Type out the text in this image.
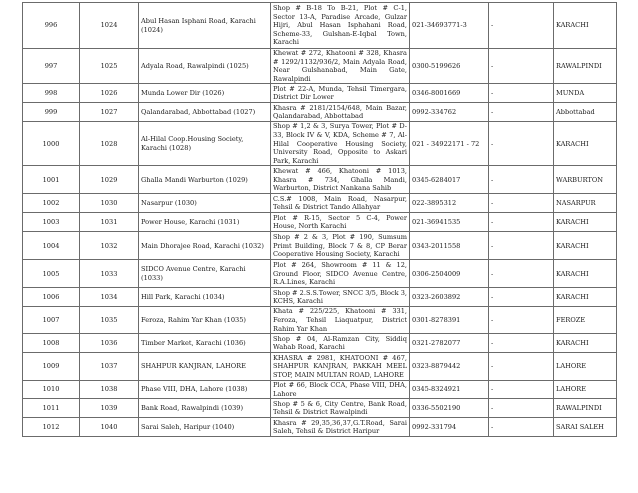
996	1024	Abul Hasan Isphani Road, Karachi (1024)	Shop # B-18 To B-21, Plot # C-1, Sector 13-A, Paradise Arcade, Gulzar Hijri, Abul Hasan Isphahani Road, Scheme-33, Gulshan-E-Iqbal Town, Karachi	021-34693771-3	-	KARACHI
997	1025	Adyala Road, Rawalpindi (1025)	Khewat # 272, Khatooni # 328, Khasra # 1292/1132/936/2, Main Adyala Road, Near Gulshanabad, Main Gate, Rawalpindi	0300-5199626	-	RAWALPINDI
998	1026	Munda Lower Dir (1026)	Plot # 22-A, Munda, Tehsil Timergara, District Dir Lower	0346-8001669	-	MUNDA
999	1027	Qalandarabad, Abbottabad (1027)	Khasra # 2181/2154/648, Main Bazar, Qalandarabad, Abbottabad	0992-334762	-	Abbottabad
1000	1028	Al-Hilal Coop.Housing Society, Karachi (1028)	Shop # 1,2 & 3, Surya Tower, Plot # D-33, Block IV & V, KDA, Scheme # 7, Al-Hilal Cooperative Housing Society, University Road, Opposite to Askari Park, Karachi	021 - 34922171 - 72	-	KARACHI
1001	1029	Ghalla Mandi Warburton (1029)	Khewat # 466, Khatooni # 1013, Khasra # 734, Ghalla Mandi, Warburton, District Nankana Sahib	0345-6284017	-	WARBURTON
1002	1030	Nasarpur (1030)	C.S.# 1008, Main Road, Nasarpur, Tehsil & District Tando Allahyar	022-3895312	-	NASARPUR
1003	1031	Power House, Karachi (1031)	Plot # R-15, Sector 5 C-4, Power House, North Karachi	021-36941535	-	KARACHI
1004	1032	Main Dhorajee Road, Karachi (1032)	Shop # 2 & 3, Plot # 190, Sumsum Primt Building, Block 7 & 8, CP Berar Cooperative Housing Society, Karachi	0343-2011558	-	KARACHI
1005	1033	SIDCO Avenue Centre, Karachi (1033)	Plot # 264, Showroom # 11 & 12, Ground Floor, SIDCO Avenue Centre, R.A.Lines, Karachi	0306-2504009	-	KARACHI
1006	1034	Hill Park, Karachi (1034)	Shop # 2.S.S.Tower, SNCC 3/5, Block 3, KCHS, Karachi	0323-2603892	-	KARACHI
1007	1035	Feroza, Rahim Yar Khan (1035)	Khata # 225/225, Khatooni # 331, Feroza, Tehsil Liaquatpur, District Rahim Yar Khan	0301-8278391	-	FEROZE
1008	1036	Timber Market, Karachi (1036)	Shop # 04, Al-Ramzan City, Siddiq Wahab Road, Karachi	0321-2782077	-	KARACHI
1009	1037	SHAHPUR KANJRAN, LAHORE	KHASRA # 2981, KHATOONI # 467, SHAHPUR KANJRAN, PAKKAH MEEL STOP, MAIN MULTAN ROAD, LAHORE	0323-8879442	-	LAHORE
1010	1038	Phase VIII, DHA, Lahore (1038)	Plot # 66, Block CCA, Phase VIII, DHA, Lahore	0345-8324921	-	LAHORE
1011	1039	Bank Road, Rawalpindi (1039)	Shop # 5 & 6, City Centre, Bank Road, Tehsil & District Rawalpindi	0336-5502190	-	RAWALPINDI
1012	1040	Sarai Saleh, Haripur (1040)	Khasra # 29,35,36,37,G.T.Road, Sarai Saleh, Tehsil & District Haripur	0992-331794	-	SARAI SALEH
